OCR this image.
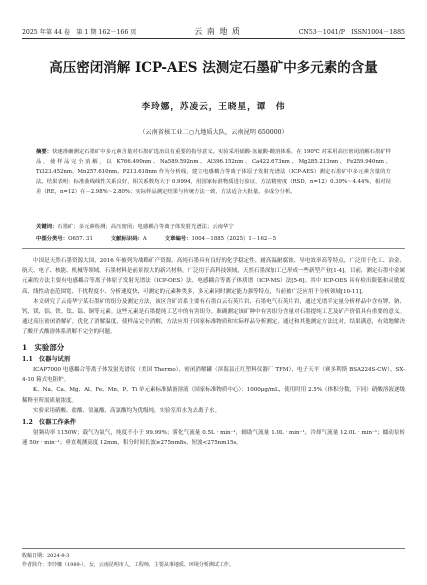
2025 年第 44 卷　第 1 期 162－166 页	云 南 地 质	CN53－1041/P　ISSN1004－1885
高压密闭消解 ICP-AES 法测定石墨矿中多元素的含量
李玲娜，苏凌云，王晓星，谭　伟
（云南省核工业二○九地质大队，云南昆明 650000）
摘要：快速准确测定石墨矿中多元素含量对石墨矿选冶具有重要的指导意义。实验采用硝酸-氢氟酸-酸溶体系，在 190℃ 对采用高压密闭消解石墨矿样品，使样品完全消解，以 K766.490nm、Na589.592nm、Al396.152nm、Ca422.673nm、Mg285.213nm、Fe259.940nm、Ti323.452nm、Mn257.610nm、P213.618nm 作为分析线，建立电感耦合等离子体原子发射光谱法（ICP-AES）测定石墨矿中多元素含量的方法。结果表明：标准曲线线性关系良好，相关系数均大于 0.9994，用国家标准物质进行验证，方法精密度（RSD，n=12）0.39%～4.44%，相对误差（RE，n=12）在－2.98%～2.80%；实际样品测定结果与传统方法一致，方法适合大批量、多成分分析。
关键词：石墨矿；多元素检测；高压密闭；电感耦合等离子体发射光谱法；云南华宁
中图分类号：O657. 31	文献标识码：A	文章编号：1004－1885（2025）1－162－5

中国是天然石墨资源大国，2016 年被列为战略矿产资源。高纯石墨具有良好的化学稳定性、耐高温耐腐蚀、导电效率高等特点，广泛用于化工、冶金、航天、电子、核能、机械等领域。石墨材料是前景很大的新兴材料，广泛用于高科技领域，天然石墨深加工已形成一些新型产业[1-4]。目前，测定石墨中金属元素的方法主要有电感耦合等离子体原子发射光谱法（ICP-OES）法、电感耦合等离子体质谱（ICP-MS）法[5-6]。其中 ICP-OES 具有检出限低和灵敏度高、线性动态范围宽、干扰程度小、分析速度快，可测定的元素种类多，多元素同时测定能力强等特点，当前被广泛应用于分析领域[10-11]。

本文研究了云南华宁某石墨矿的组分及测定方法，该区含矿岩系主要有石墨白云石英片岩、石墨电气石英片岩，通过光谱半定量分析样品中含有钾、钠、钙、镁、铝、铁、钛、锰、铜等元素。这些元素是石墨提纯工艺中的有害组分。准确测定该矿种中有害组分含量对石墨提纯工艺及矿产价值具有重要的意义。通过高压密闭消解矿，优化了消解温度，使样品完全消解，方法应用于国家标准物质和实际样品分析测定，通过和其他测定方法比对，结果满意，有效地解决了酸开式酸溶体系消解不完全的问题。

1　实验部分

1.1　仪器与试剂

ICAP7000 电感耦合等离子体发射光谱仪（美国 Thermo）、密闭消解罐（滨海县正红塑料仪器厂 TFM）、电子天平（赛多利斯 BSA224S-CW）、SX-4-10 箱式电阻炉。

K、Na、Ca、Mg、Al、Fe、Mn、P、Ti 单元素标准储备溶液（国家标准物质中心）：1000μg/mL，使用时用 2.5%（体积分数，下同）硝酸溶液逐级稀释至所需质量浓度。

实验采用硝酸、盐酸、氢氟酸、高氯酸均为优级纯，实验室用水为去离子水。

1.2　仪器工作条件

射频功率 1150W；载气为氩气，纯度不小于 99.99%；雾化气流量 0.5L · min⁻¹，辅助气流量 1.0L · min⁻¹，冷却气流量 12.0L · min⁻¹；蠕动泵转速 50r · min⁻¹；垂直观测高度 12mm，积分时间长波≥275nm8s、短波<275nm15s。

收稿日期：2024-9-3
作者简介：李玲娜（1989-），女，云南昆明市人，工程师，主要从事地质、环境分析测试工作。
